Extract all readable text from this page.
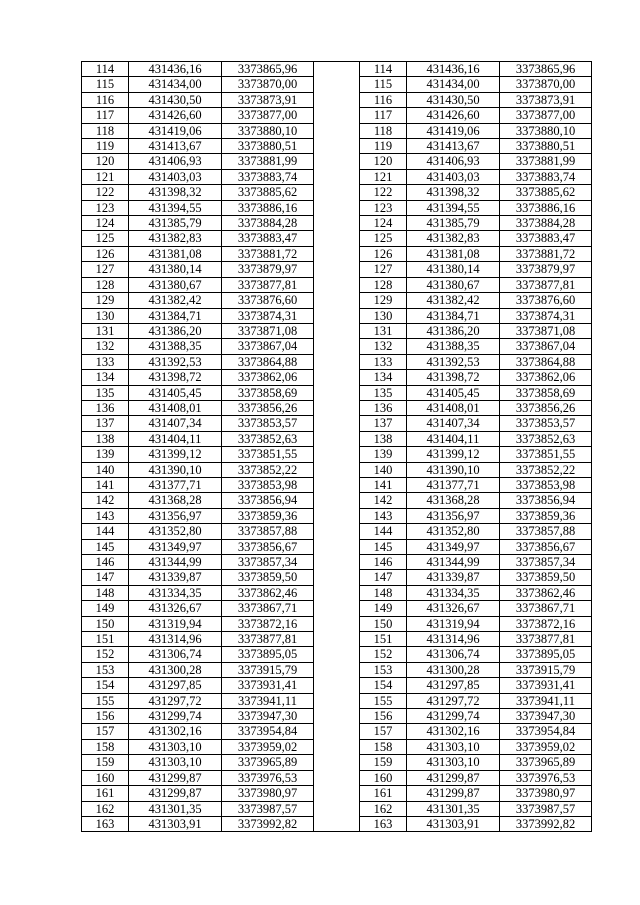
114	431436,16	3373865,96		114	431436,16	3373865,96
115	431434,00	3373870,00		115	431434,00	3373870,00
116	431430,50	3373873,91		116	431430,50	3373873,91
117	431426,60	3373877,00		117	431426,60	3373877,00
118	431419,06	3373880,10		118	431419,06	3373880,10
119	431413,67	3373880,51		119	431413,67	3373880,51
120	431406,93	3373881,99		120	431406,93	3373881,99
121	431403,03	3373883,74		121	431403,03	3373883,74
122	431398,32	3373885,62		122	431398,32	3373885,62
123	431394,55	3373886,16		123	431394,55	3373886,16
124	431385,79	3373884,28		124	431385,79	3373884,28
125	431382,83	3373883,47		125	431382,83	3373883,47
126	431381,08	3373881,72		126	431381,08	3373881,72
127	431380,14	3373879,97		127	431380,14	3373879,97
128	431380,67	3373877,81		128	431380,67	3373877,81
129	431382,42	3373876,60		129	431382,42	3373876,60
130	431384,71	3373874,31		130	431384,71	3373874,31
131	431386,20	3373871,08		131	431386,20	3373871,08
132	431388,35	3373867,04		132	431388,35	3373867,04
133	431392,53	3373864,88		133	431392,53	3373864,88
134	431398,72	3373862,06		134	431398,72	3373862,06
135	431405,45	3373858,69		135	431405,45	3373858,69
136	431408,01	3373856,26		136	431408,01	3373856,26
137	431407,34	3373853,57		137	431407,34	3373853,57
138	431404,11	3373852,63		138	431404,11	3373852,63
139	431399,12	3373851,55		139	431399,12	3373851,55
140	431390,10	3373852,22		140	431390,10	3373852,22
141	431377,71	3373853,98		141	431377,71	3373853,98
142	431368,28	3373856,94		142	431368,28	3373856,94
143	431356,97	3373859,36		143	431356,97	3373859,36
144	431352,80	3373857,88		144	431352,80	3373857,88
145	431349,97	3373856,67		145	431349,97	3373856,67
146	431344,99	3373857,34		146	431344,99	3373857,34
147	431339,87	3373859,50		147	431339,87	3373859,50
148	431334,35	3373862,46		148	431334,35	3373862,46
149	431326,67	3373867,71		149	431326,67	3373867,71
150	431319,94	3373872,16		150	431319,94	3373872,16
151	431314,96	3373877,81		151	431314,96	3373877,81
152	431306,74	3373895,05		152	431306,74	3373895,05
153	431300,28	3373915,79		153	431300,28	3373915,79
154	431297,85	3373931,41		154	431297,85	3373931,41
155	431297,72	3373941,11		155	431297,72	3373941,11
156	431299,74	3373947,30		156	431299,74	3373947,30
157	431302,16	3373954,84		157	431302,16	3373954,84
158	431303,10	3373959,02		158	431303,10	3373959,02
159	431303,10	3373965,89		159	431303,10	3373965,89
160	431299,87	3373976,53		160	431299,87	3373976,53
161	431299,87	3373980,97		161	431299,87	3373980,97
162	431301,35	3373987,57		162	431301,35	3373987,57
163	431303,91	3373992,82		163	431303,91	3373992,82
